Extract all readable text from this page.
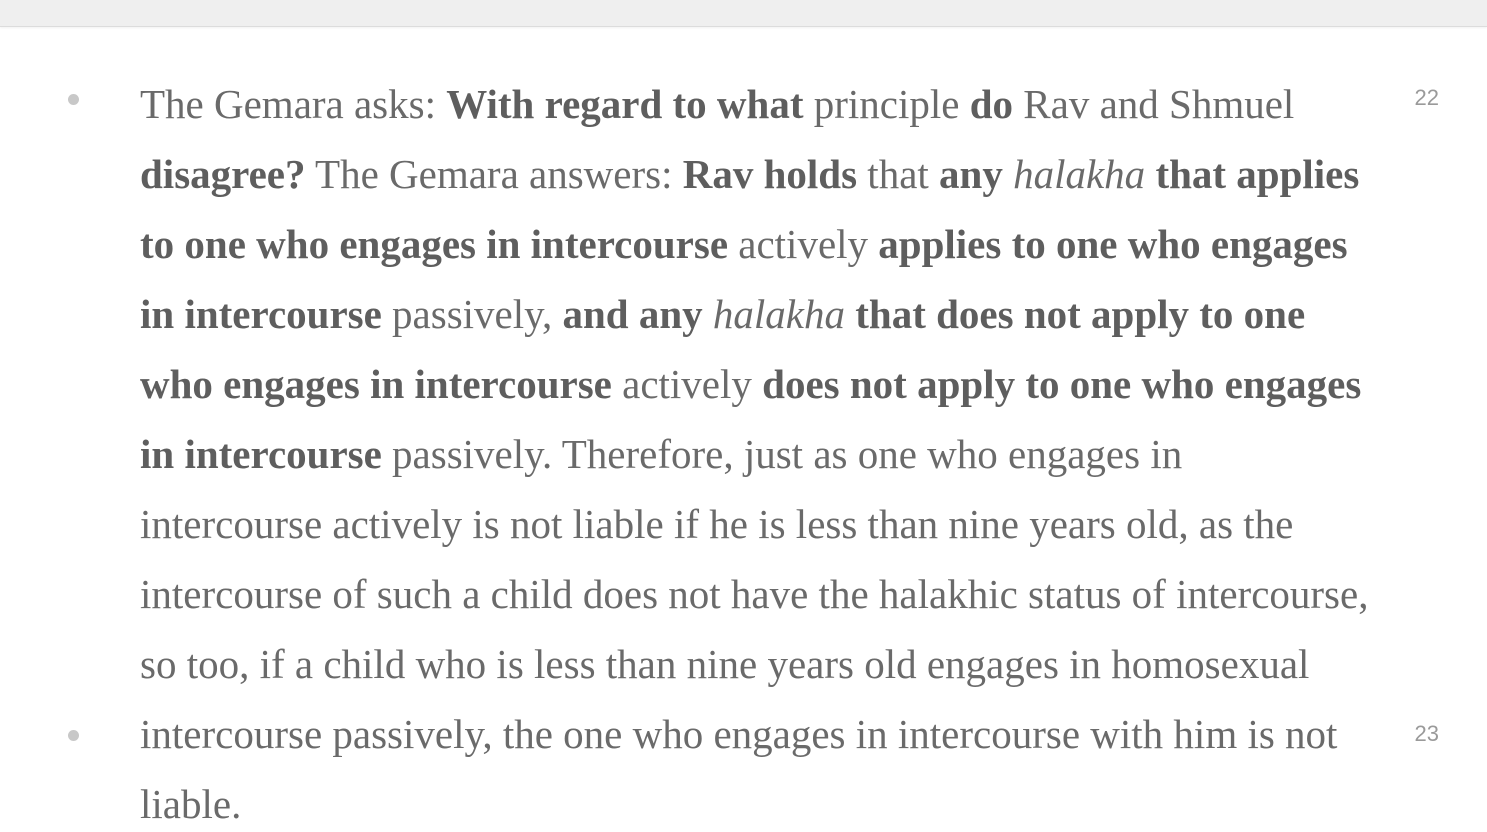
22
23

The Gemara asks: With regard to what principle do Rav and Shmuel disagree? The Gemara answers: Rav holds that any halakha that applies to one who engages in intercourse actively applies to one who engages in intercourse passively, and any halakha that does not apply to one who engages in intercourse actively does not apply to one who engages in intercourse passively. Therefore, just as one who engages in intercourse actively is not liable if he is less than nine years old, as the intercourse of such a child does not have the halakhic status of intercourse, so too, if a child who is less than nine years old engages in homosexual intercourse passively, the one who engages in intercourse with him is not liable.
